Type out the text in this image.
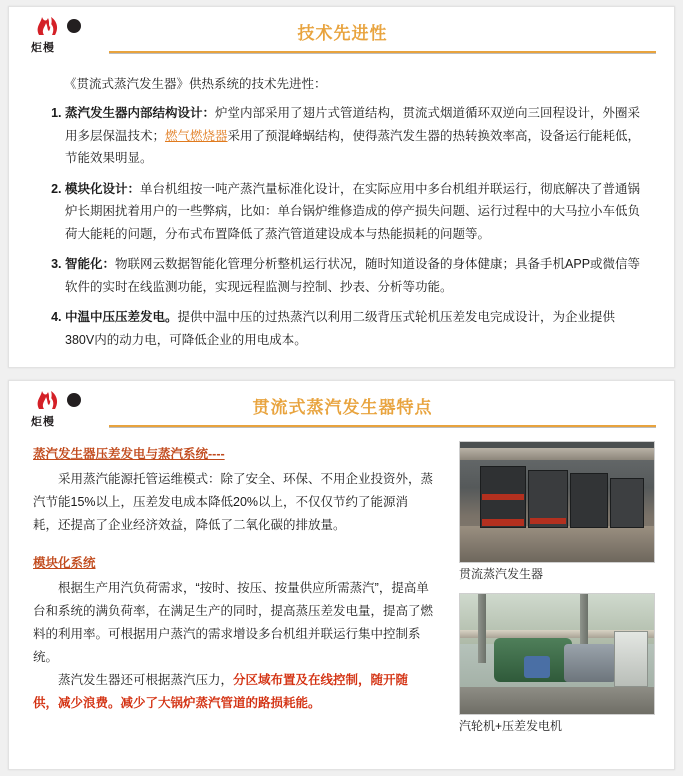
炬槾
技术先进性
《贯流式蒸汽发生器》供热系统的技术先进性：
1. 蒸汽发生器内部结构设计：炉堂内部采用了翅片式管道结构，贯流式烟道循环双逆向三回程设计，外圈采用多层保温技术；燃气燃烧器采用了预混峰蜗结构，使得蒸汽发生器的热转换效率高，设备运行能耗低，节能效果明显。
2. 模块化设计：单台机组按一吨产蒸汽量标准化设计，在实际应用中多台机组并联运行，彻底解决了普通锅炉长期困扰着用户的一些弊病，比如：单台锅炉维修造成的停产损失问题、运行过程中的大马拉小车低负荷大能耗的问题，分布式布置降低了蒸汽管道建设成本与热能损耗的问题等。
3. 智能化：物联网云数据智能化管理分析整机运行状况，随时知道设备的身体健康；具备手机APP或微信等软件的实时在线监测功能，实现远程监测与控制、抄表、分析等功能。
4. 中温中压压差发电。提供中温中压的过热蒸汽以利用二级背压式轮机压差发电完成设计，为企业提供380V内的动力电，可降低企业的用电成本。
炬槾
贯流式蒸汽发生器特点
蒸汽发生器压差发电与蒸汽系统----

采用蒸汽能源托管运维模式：除了安全、环保、不用企业投资外，蒸汽节能15%以上，压差发电成本降低20%以上，不仅仅节约了能源消耗，还提高了企业经济效益，降低了二氧化碳的排放量。

模块化系统

根据生产用汽负荷需求，“按时、按压、按量供应所需蒸汽”，提高单台和系统的满负荷率，在满足生产的同时，提高蒸压差发电量，提高了燃料的利用率。可根据用户蒸汽的需求增设多台机组并联运行集中控制系统。

蒸汽发生器还可根据蒸汽压力，分区域布置及在线控制，随开随供，减少浪费。减少了大锅炉蒸汽管道的路损耗能。

贯流蒸汽发生器
汽轮机+压差发电机
